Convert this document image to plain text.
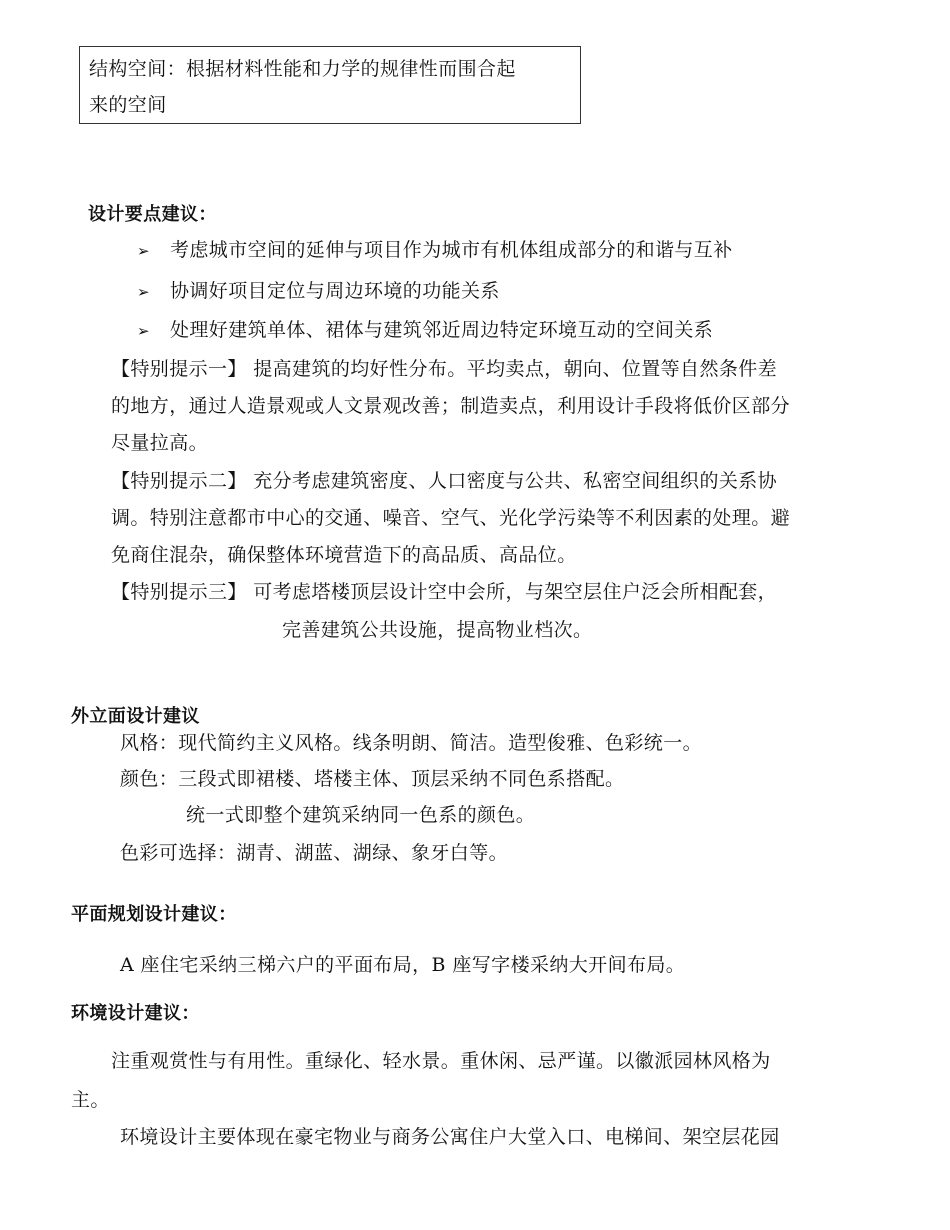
结构空间：根据材料性能和力学的规律性而围合起
来的空间
设计要点建议：
➢ 考虑城市空间的延伸与项目作为城市有机体组成部分的和谐与互补
➢ 协调好项目定位与周边环境的功能关系
➢ 处理好建筑单体、裙体与建筑邻近周边特定环境互动的空间关系
【特别提示一】 提高建筑的均好性分布。平均卖点，朝向、位置等自然条件差
的地方，通过人造景观或人文景观改善；制造卖点，利用设计手段将低价区部分
尽量拉高。
【特别提示二】 充分考虑建筑密度、人口密度与公共、私密空间组织的关系协
调。特别注意都市中心的交通、噪音、空气、光化学污染等不利因素的处理。避
免商住混杂，确保整体环境营造下的高品质、高品位。
【特别提示三】 可考虑塔楼顶层设计空中会所，与架空层住户泛会所相配套，
完善建筑公共设施，提高物业档次。
外立面设计建议
风格：现代简约主义风格。线条明朗、简洁。造型俊雅、色彩统一。
颜色：三段式即裙楼、塔楼主体、顶层采纳不同色系搭配。
统一式即整个建筑采纳同一色系的颜色。
色彩可选择：湖青、湖蓝、湖绿、象牙白等。
平面规划设计建议：
A 座住宅采纳三梯六户的平面布局，B 座写字楼采纳大开间布局。
环境设计建议：
注重观赏性与有用性。重绿化、轻水景。重休闲、忌严谨。以徽派园林风格为
主。
环境设计主要体现在豪宅物业与商务公寓住户大堂入口、电梯间、架空层花园
